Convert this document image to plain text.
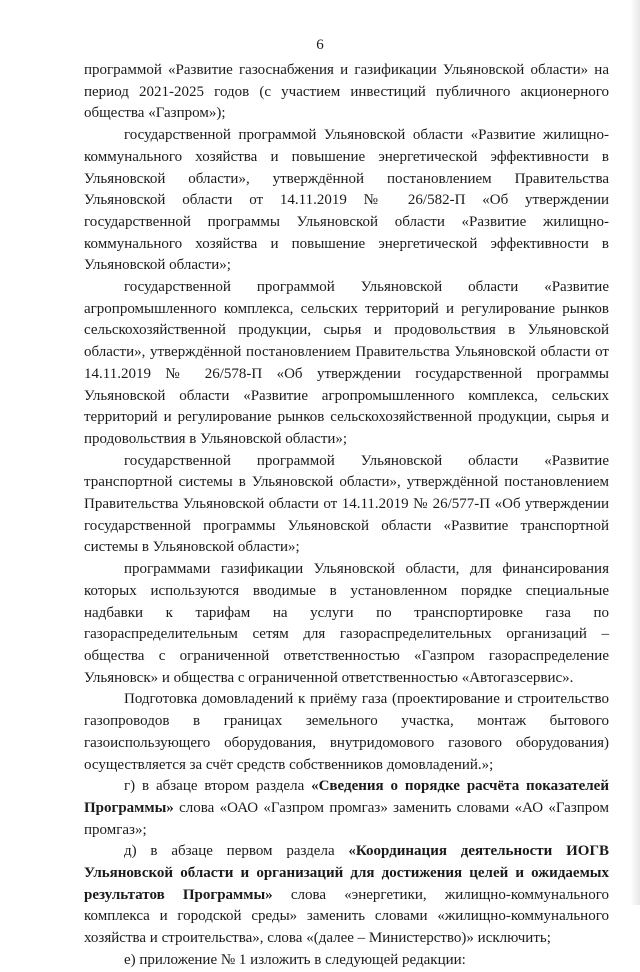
6

программой «Развитие газоснабжения и газификации Ульяновской области» на период 2021-2025 годов (с участием инвестиций публичного акционерного общества «Газпром»);

государственной программой Ульяновской области «Развитие жилищно-коммунального хозяйства и повышение энергетической эффективности в Ульяновской области», утверждённой постановлением Правительства Ульяновской области от 14.11.2019 № 26/582-П «Об утверждении государственной программы Ульяновской области «Развитие жилищно-коммунального хозяйства и повышение энергетической эффективности в Ульяновской области»;

государственной программой Ульяновской области «Развитие агропромышленного комплекса, сельских территорий и регулирование рынков сельскохозяйственной продукции, сырья и продовольствия в Ульяновской области», утверждённой постановлением Правительства Ульяновской области от 14.11.2019 № 26/578-П «Об утверждении государственной программы Ульяновской области «Развитие агропромышленного комплекса, сельских территорий и регулирование рынков сельскохозяйственной продукции, сырья и продовольствия в Ульяновской области»;

государственной программой Ульяновской области «Развитие транспортной системы в Ульяновской области», утверждённой постановлением Правительства Ульяновской области от 14.11.2019 № 26/577-П «Об утверждении государственной программы Ульяновской области «Развитие транспортной системы в Ульяновской области»;

программами газификации Ульяновской области, для финансирования которых используются вводимые в установленном порядке специальные надбавки к тарифам на услуги по транспортировке газа по газораспределительным сетям для газораспределительных организаций – общества с ограниченной ответственностью «Газпром газораспределение Ульяновск» и общества с ограниченной ответственностью «Автогазсервис».

Подготовка домовладений к приёму газа (проектирование и строительство газопроводов в границах земельного участка, монтаж бытового газоиспользующего оборудования, внутридомового газового оборудования) осуществляется за счёт средств собственников домовладений.»;

г) в абзаце втором раздела «Сведения о порядке расчёта показателей Программы» слова «ОАО «Газпром промгаз» заменить словами «АО «Газпром промгаз»;

д) в абзаце первом раздела «Координация деятельности ИОГВ Ульяновской области и организаций для достижения целей и ожидаемых результатов Программы» слова «энергетики, жилищно-коммунального комплекса и городской среды» заменить словами «жилищно-коммунального хозяйства и строительства», слова «(далее – Министерство)» исключить;

е) приложение № 1 изложить в следующей редакции:
